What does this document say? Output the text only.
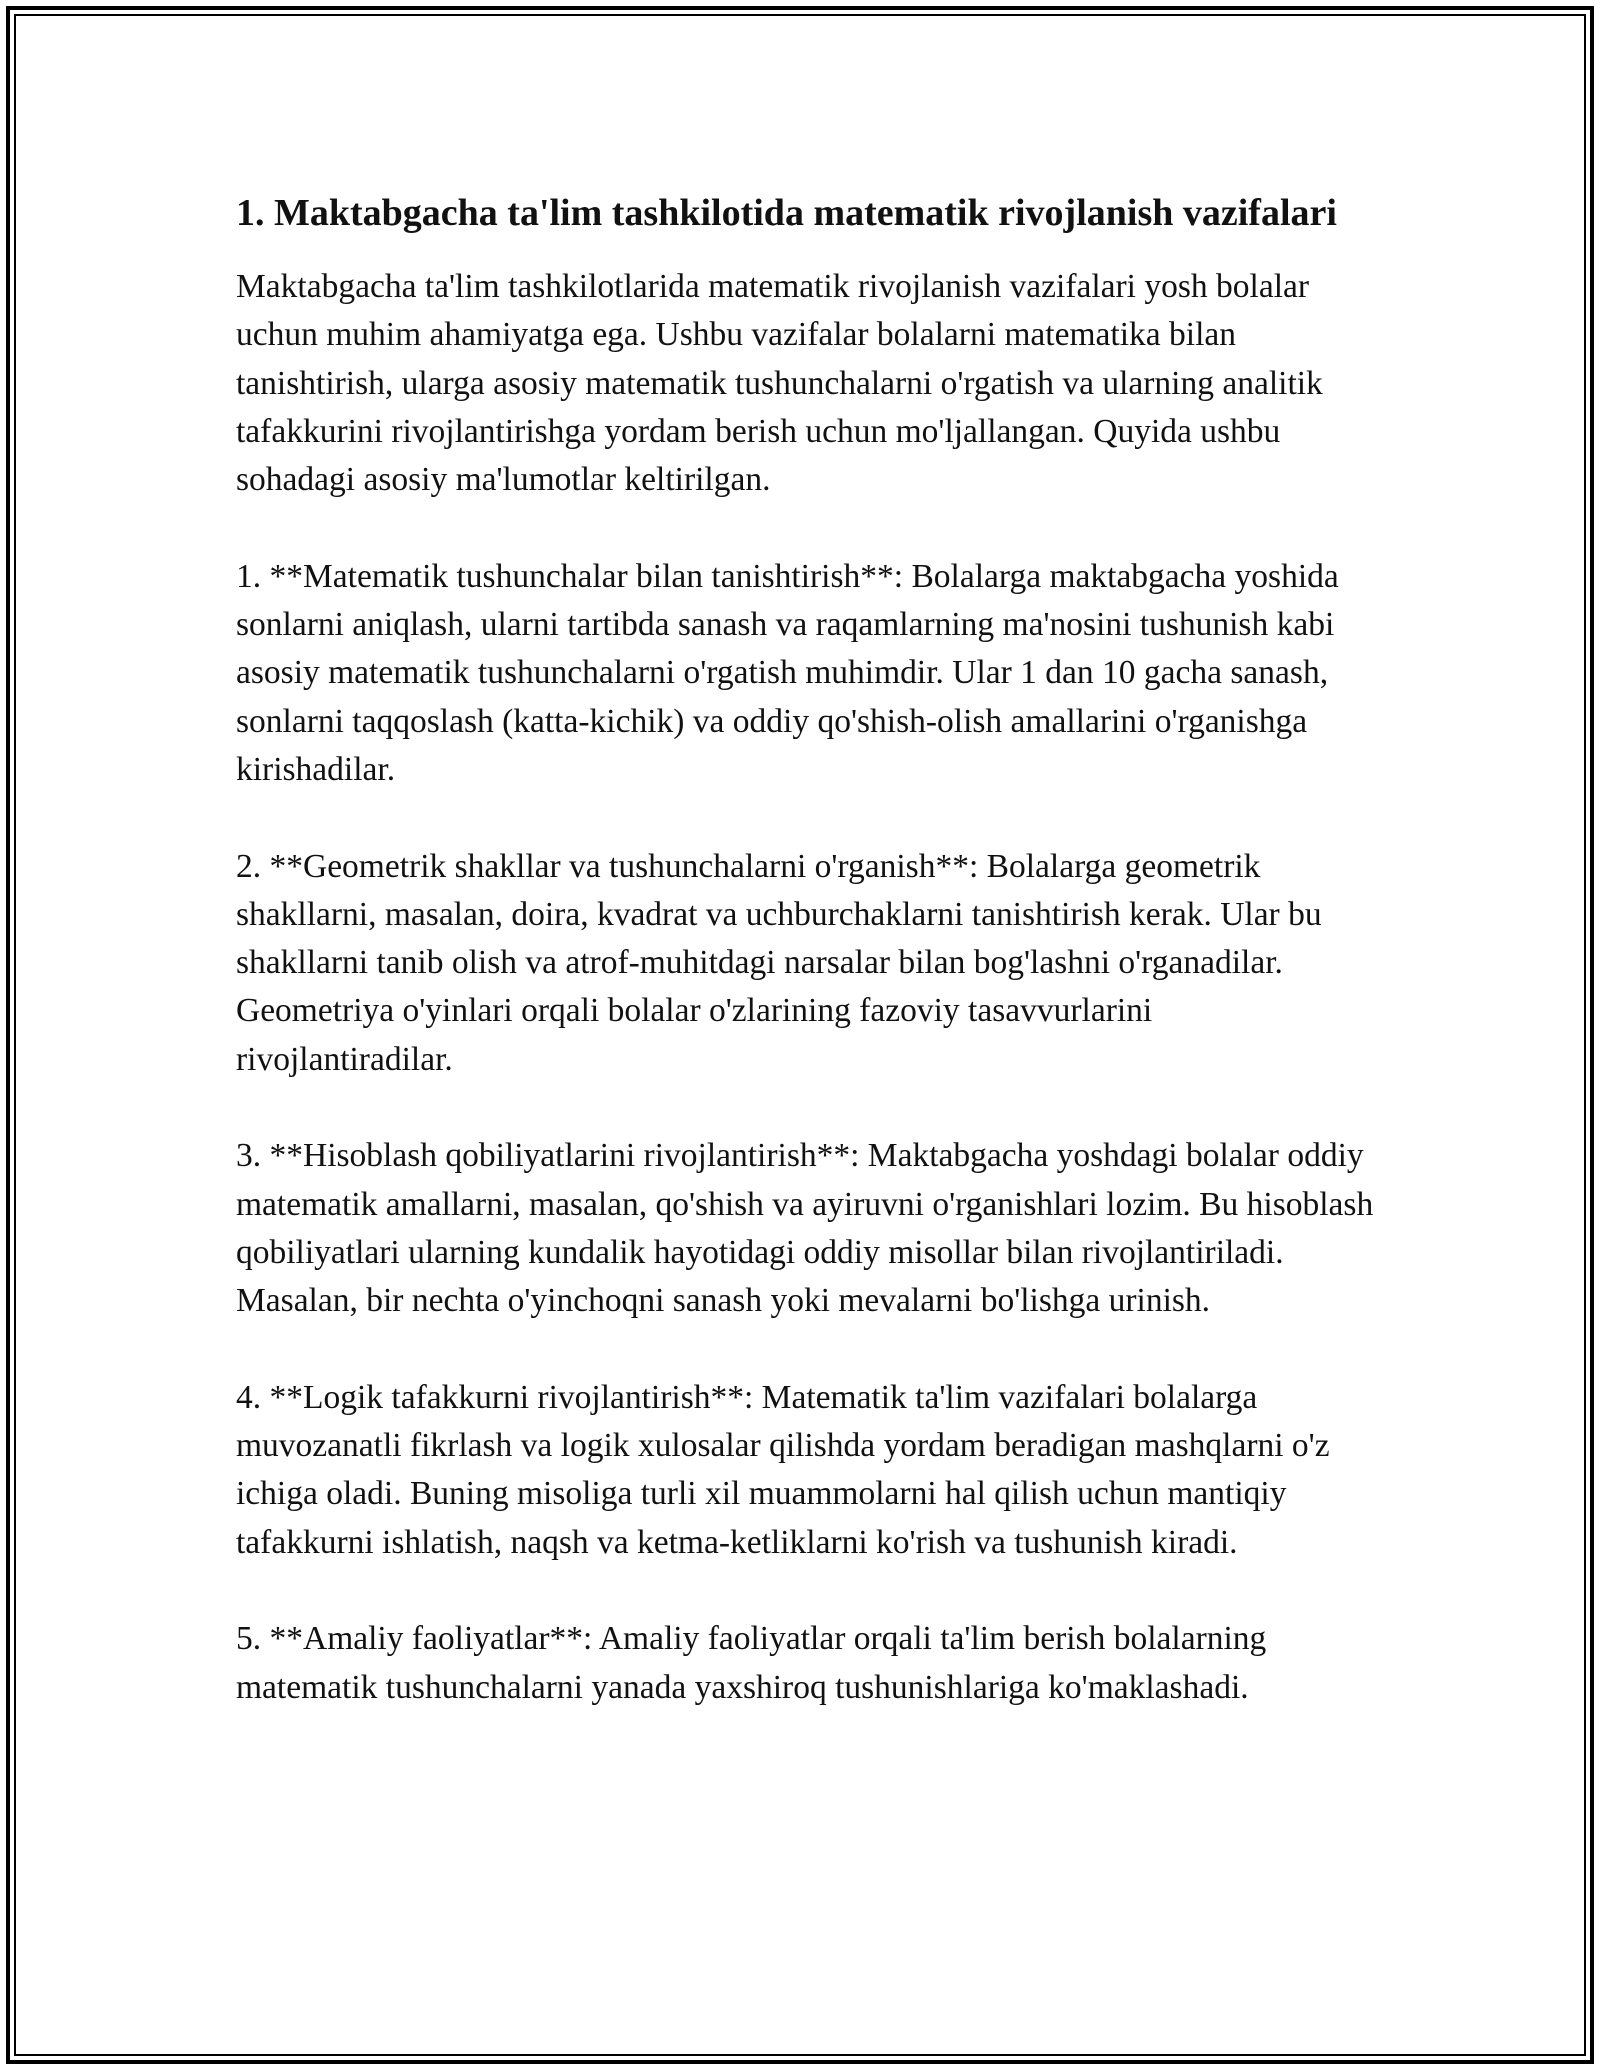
1. Maktabgacha ta'lim tashkilotida matematik rivojlanish vazifalari

Maktabgacha ta'lim tashkilotlarida matematik rivojlanish vazifalari yosh bolalar uchun muhim ahamiyatga ega. Ushbu vazifalar bolalarni matematika bilan tanishtirish, ularga asosiy matematik tushunchalarni o'rgatish va ularning analitik tafakkurini rivojlantirishga yordam berish uchun mo'ljallangan. Quyida ushbu sohadagi asosiy ma'lumotlar keltirilgan.

1. **Matematik tushunchalar bilan tanishtirish**: Bolalarga maktabgacha yoshida sonlarni aniqlash, ularni tartibda sanash va raqamlarning ma'nosini tushunish kabi asosiy matematik tushunchalarni o'rgatish muhimdir. Ular 1 dan 10 gacha sanash, sonlarni taqqoslash (katta-kichik) va oddiy qo'shish-olish amallarini o'rganishga kirishadilar.

2. **Geometrik shakllar va tushunchalarni o'rganish**: Bolalarga geometrik shakllarni, masalan, doira, kvadrat va uchburchaklarni tanishtirish kerak. Ular bu shakllarni tanib olish va atrof-muhitdagi narsalar bilan bog'lashni o'rganadilar. Geometriya o'yinlari orqali bolalar o'zlarining fazoviy tasavvurlarini rivojlantiradilar.

3. **Hisoblash qobiliyatlarini rivojlantirish**: Maktabgacha yoshdagi bolalar oddiy matematik amallarni, masalan, qo'shish va ayiruvni o'rganishlari lozim. Bu hisoblash qobiliyatlari ularning kundalik hayotidagi oddiy misollar bilan rivojlantiriladi. Masalan, bir nechta o'yinchoqni sanash yoki mevalarni bo'lishga urinish.

4. **Logik tafakkurni rivojlantirish**: Matematik ta'lim vazifalari bolalarga muvozanatli fikrlash va logik xulosalar qilishda yordam beradigan mashqlarni o'z ichiga oladi. Buning misoliga turli xil muammolarni hal qilish uchun mantiqiy tafakkurni ishlatish, naqsh va ketma-ketliklarni ko'rish va tushunish kiradi.

5. **Amaliy faoliyatlar**: Amaliy faoliyatlar orqali ta'lim berish bolalarning matematik tushunchalarni yanada yaxshiroq tushunishlariga ko'maklashadi.
